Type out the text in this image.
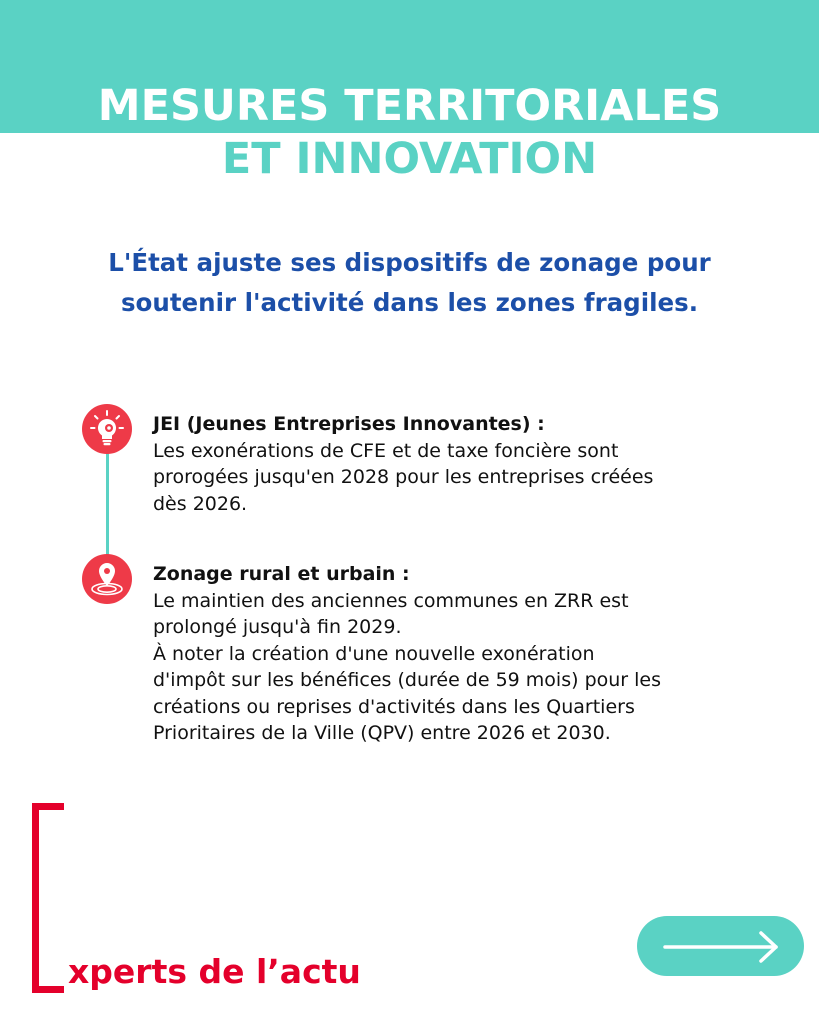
MESURES TERRITORIALES
ET INNOVATION

L'État ajuste ses dispositifs de zonage pour
soutenir l'activité dans les zones fragiles.

JEI (Jeunes Entreprises Innovantes) :
Les exonérations de CFE et de taxe foncière sont
prorogées jusqu'en 2028 pour les entreprises créées
dès 2026.
Zonage rural et urbain :
Le maintien des anciennes communes en ZRR est
prolongé jusqu'à fin 2029.
À noter la création d'une nouvelle exonération
d'impôt sur les bénéfices (durée de 59 mois) pour les
créations ou reprises d'activités dans les Quartiers
Prioritaires de la Ville (QPV) entre 2026 et 2030.
xperts de l’actu
